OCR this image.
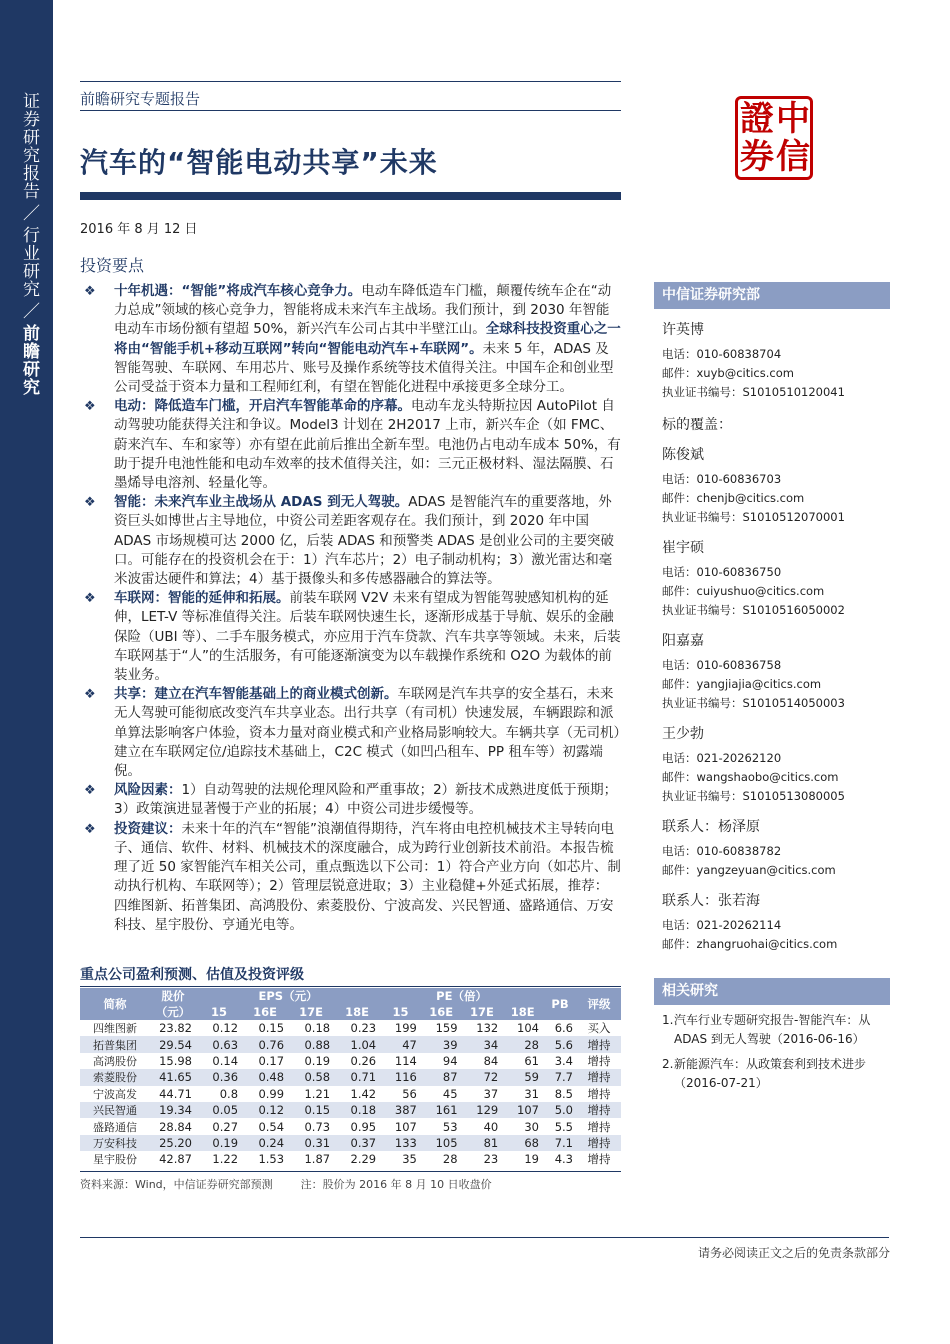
证券研究报告／行业研究／前瞻研究
前瞻研究专题报告
汽车的“智能电动共享”未来
2016 年 8 月 12 日
投资要点
證 中
券 信
❖ 十年机遇：“智能”将成汽车核心竞争力。电动车降低造车门槛，颠覆传统车企在“动力总成”领域的核心竞争力，智能将成未来汽车主战场。我们预计，到 2030 年智能电动车市场份额有望超 50%，新兴汽车公司占其中半壁江山。全球科技投资重心之一将由“智能手机+移动互联网”转向“智能电动汽车+车联网”。未来 5 年，ADAS 及智能驾驶、车联网、车用芯片、账号及操作系统等技术值得关注。中国车企和创业型公司受益于资本力量和工程师红利，有望在智能化进程中承接更多全球分工。
❖ 电动：降低造车门槛，开启汽车智能革命的序幕。电动车龙头特斯拉因 AutoPilot 自动驾驶功能获得关注和争议。Model3 计划在 2H2017 上市，新兴车企（如 FMC、蔚来汽车、车和家等）亦有望在此前后推出全新车型。电池仍占电动车成本 50%，有助于提升电池性能和电动车效率的技术值得关注，如：三元正极材料、湿法隔膜、石墨烯导电溶剂、轻量化等。
❖ 智能：未来汽车业主战场从 ADAS 到无人驾驶。ADAS 是智能汽车的重要落地，外资巨头如博世占主导地位，中资公司差距客观存在。我们预计，到 2020 年中国 ADAS 市场规模可达 2000 亿，后装 ADAS 和预警类 ADAS 是创业公司的主要突破口。可能存在的投资机会在于：1）汽车芯片；2）电子制动机构；3）激光雷达和毫米波雷达硬件和算法；4）基于摄像头和多传感器融合的算法等。
❖ 车联网：智能的延伸和拓展。前装车联网 V2V 未来有望成为智能驾驶感知机构的延伸，LET-V 等标准值得关注。后装车联网快速生长，逐渐形成基于导航、娱乐的金融保险（UBI 等）、二手车服务模式，亦应用于汽车贷款、汽车共享等领域。未来，后装车联网基于“人”的生活服务，有可能逐渐演变为以车载操作系统和 O2O 为载体的前装业务。
❖ 共享：建立在汽车智能基础上的商业模式创新。车联网是汽车共享的安全基石，未来无人驾驶可能彻底改变汽车共享业态。出行共享（有司机）快速发展，车辆跟踪和派单算法影响客户体验，资本力量对商业模式和产业格局影响较大。车辆共享（无司机）建立在车联网定位/追踪技术基础上，C2C 模式（如凹凸租车、PP 租车等）初露端倪。
❖ 风险因素：1）自动驾驶的法规伦理风险和严重事故；2）新技术成熟进度低于预期；3）政策演进显著慢于产业的拓展；4）中资公司进步缓慢等。
❖ 投资建议：未来十年的汽车“智能”浪潮值得期待，汽车将由电控机械技术主导转向电子、通信、软件、材料、机械技术的深度融合，成为跨行业创新技术前沿。本报告梳理了近 50 家智能汽车相关公司，重点甄选以下公司：1）符合产业方向（如芯片、制动执行机构、车联网等）；2）管理层锐意进取；3）主业稳健+外延式拓展，推荐：四维图新、拓普集团、高鸿股份、索菱股份、宁波高发、兴民智通、盛路通信、万安科技、星宇股份、亨通光电等。
重点公司盈利预测、估值及投资评级
简称	股价	EPS（元）				PE（倍）				PB	评级
	（元）	15	16E	17E	18E	15	16E	17E	18E		
四维图新	23.82	0.12	0.15	0.18	0.23	199	159	132	104	6.6	买入
拓普集团	29.54	0.63	0.76	0.88	1.04	47	39	34	28	5.6	增持
高鸿股份	15.98	0.14	0.17	0.19	0.26	114	94	84	61	3.4	增持
索菱股份	41.65	0.36	0.48	0.58	0.71	116	87	72	59	7.7	增持
宁波高发	44.71	0.8	0.99	1.21	1.42	56	45	37	31	8.5	增持
兴民智通	19.34	0.05	0.12	0.15	0.18	387	161	129	107	5.0	增持
盛路通信	28.84	0.27	0.54	0.73	0.95	107	53	40	30	5.5	增持
万安科技	25.20	0.19	0.24	0.31	0.37	133	105	81	68	7.1	增持
星宇股份	42.87	1.22	1.53	1.87	2.29	35	28	23	19	4.3	增持
资料来源：Wind，中信证券研究部预测	注：股价为 2016 年 8 月 10 日收盘价
中信证券研究部
许英博
电话：010-60838704
邮件：xuyb@citics.com
执业证书编号：S1010510120041
标的覆盖：
陈俊斌
电话：010-60836703
邮件：chenjb@citics.com
执业证书编号：S1010512070001
崔宇硕
电话：010-60836750
邮件：cuiyushuo@citics.com
执业证书编号：S1010516050002
阳嘉嘉
电话：010-60836758
邮件：yangjiajia@citics.com
执业证书编号：S1010514050003
王少勃
电话：021-20262120
邮件：wangshaobo@citics.com
执业证书编号：S1010513080005
联系人：杨泽原
电话：010-60838782
邮件：yangzeyuan@citics.com
联系人：张若海
电话：021-20262114
邮件：zhangruohai@citics.com
相关研究
1. 汽车行业专题研究报告-智能汽车：从 ADAS 到无人驾驶（2016-06-16）
2. 新能源汽车：从政策套利到技术进步（2016-07-21）
请务必阅读正文之后的免责条款部分
